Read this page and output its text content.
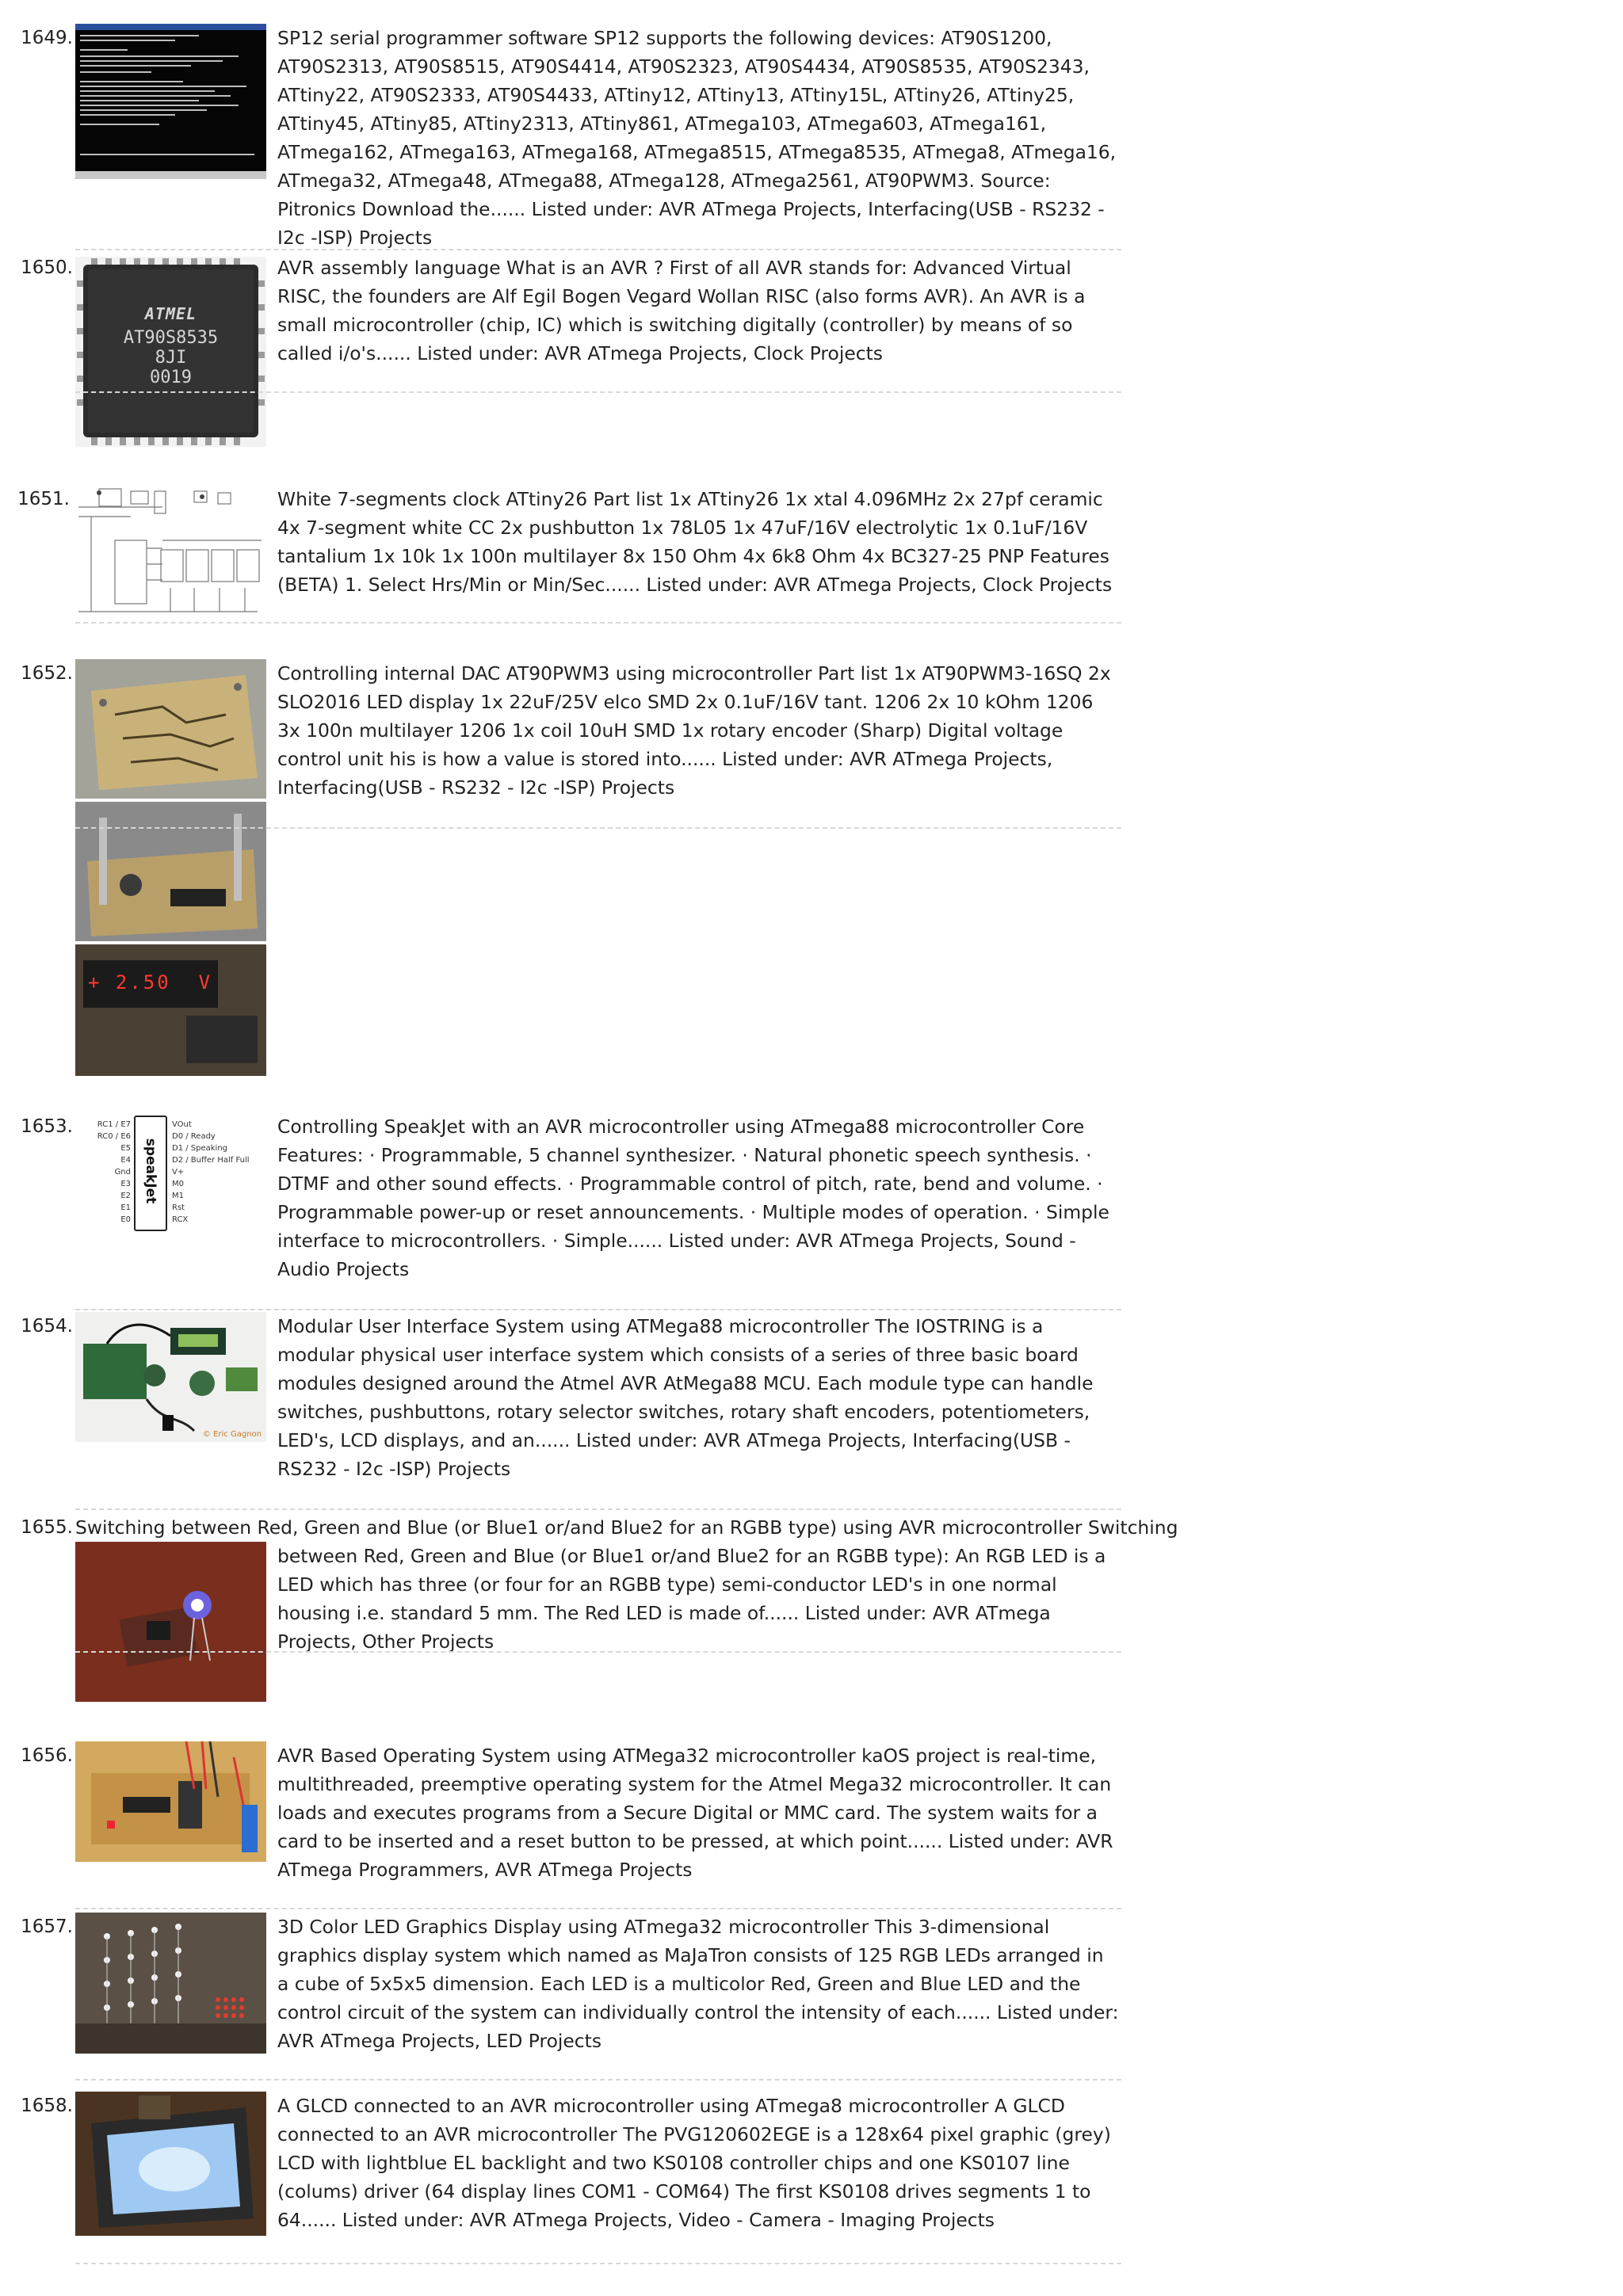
1649.	SP12 serial programmer software SP12 supports the following devices: AT90S1200, AT90S2313, AT90S8515, AT90S4414, AT90S2323, AT90S4434, AT90S8535, AT90S2343, ATtiny22, AT90S2333, AT90S4433, ATtiny12, ATtiny13, ATtiny15L, ATtiny26, ATtiny25, ATtiny45, ATtiny85, ATtiny2313, ATtiny861, ATmega103, ATmega603, ATmega161, ATmega162, ATmega163, ATmega168, ATmega8515, ATmega8535, ATmega8, ATmega16, ATmega32, ATmega48, ATmega88, ATmega128, ATmega2561, AT90PWM3. Source: Pitronics Download the...... Listed under: AVR ATmega Projects, Interfacing(USB - RS232 - I2c -ISP) Projects
1650.
ATMEL
AT90S8535
8JI
0019
AVR assembly language What is an AVR ? First of all AVR stands for: Advanced Virtual RISC, the founders are Alf Egil Bogen Vegard Wollan RISC (also forms AVR). An AVR is a small microcontroller (chip, IC) which is switching digitally (controller) by means of so called i/o's...... Listed under: AVR ATmega Projects, Clock Projects
1651.	White 7-segments clock ATtiny26 Part list 1x ATtiny26 1x xtal 4.096MHz 2x 27pf ceramic 4x 7-segment white CC 2x pushbutton 1x 78L05 1x 47uF/16V electrolytic 1x 0.1uF/16V tantalium 1x 10k 1x 100n multilayer 8x 150 Ohm 4x 6k8 Ohm 4x BC327-25 PNP Features (BETA) 1. Select Hrs/Min or Min/Sec...... Listed under: AVR ATmega Projects, Clock Projects
1652.
+ 2.50  V
Controlling internal DAC AT90PWM3 using microcontroller Part list 1x AT90PWM3-16SQ 2x SLO2016 LED display 1x 22uF/25V elco SMD 2x 0.1uF/16V tant. 1206 2x 10 kOhm 1206 3x 100n multilayer 1206 1x coil 10uH SMD 1x rotary encoder (Sharp) Digital voltage control unit his is how a value is stored into...... Listed under: AVR ATmega Projects, Interfacing(USB - RS232 - I2c -ISP) Projects
1653.	RC1 / E7
RC0 / E6
E5
E4
Gnd
E3
E2
E1
E0
speakJet
VOut
D0 / Ready
D1 / Speaking
D2 / Buffer Half Full
V+
M0
M1
Rst
RCX
Controlling SpeakJet with an AVR microcontroller using ATmega88 microcontroller Core Features: · Programmable, 5 channel synthesizer. · Natural phonetic speech synthesis. · DTMF and other sound effects. · Programmable control of pitch, rate, bend and volume. · Programmable power-up or reset announcements. · Multiple modes of operation. · Simple interface to microcontrollers. · Simple...... Listed under: AVR ATmega Projects, Sound - Audio Projects
1654.
© Eric Gagnon
Modular User Interface System using ATMega88 microcontroller The IOSTRING is a modular physical user interface system which consists of a series of three basic board modules designed around the Atmel AVR AtMega88 MCU. Each module type can handle switches, pushbuttons, rotary selector switches, rotary shaft encoders, potentiometers, LED's, LCD displays, and an...... Listed under: AVR ATmega Projects, Interfacing(USB - RS232 - I2c -ISP) Projects
1655. Switching between Red, Green and Blue (or Blue1 or/and Blue2 for an RGBB type) using AVR microcontroller Switching
between Red, Green and Blue (or Blue1 or/and Blue2 for an RGBB type): An RGB LED is a LED which has three (or four for an RGBB type) semi-conductor LED's in one normal housing i.e. standard 5 mm. The Red LED is made of...... Listed under: AVR ATmega Projects, Other Projects
1656.	AVR Based Operating System using ATMega32 microcontroller kaOS project is real-time, multithreaded, preemptive operating system for the Atmel Mega32 microcontroller. It can loads and executes programs from a Secure Digital or MMC card. The system waits for a card to be inserted and a reset button to be pressed, at which point...... Listed under: AVR ATmega Programmers, AVR ATmega Projects
1657.	3D Color LED Graphics Display using ATmega32 microcontroller This 3-dimensional graphics display system which named as MaJaTron consists of 125 RGB LEDs arranged in a cube of 5x5x5 dimension. Each LED is a multicolor Red, Green and Blue LED and the control circuit of the system can individually control the intensity of each...... Listed under: AVR ATmega Projects, LED Projects
1658.	A GLCD connected to an AVR microcontroller using ATmega8 microcontroller A GLCD connected to an AVR microcontroller The PVG120602EGE is a 128x64 pixel graphic (grey) LCD with lightblue EL backlight and two KS0108 controller chips and one KS0107 line (colums) driver (64 display lines COM1 - COM64) The first KS0108 drives segments 1 to 64...... Listed under: AVR ATmega Projects, Video - Camera - Imaging Projects
